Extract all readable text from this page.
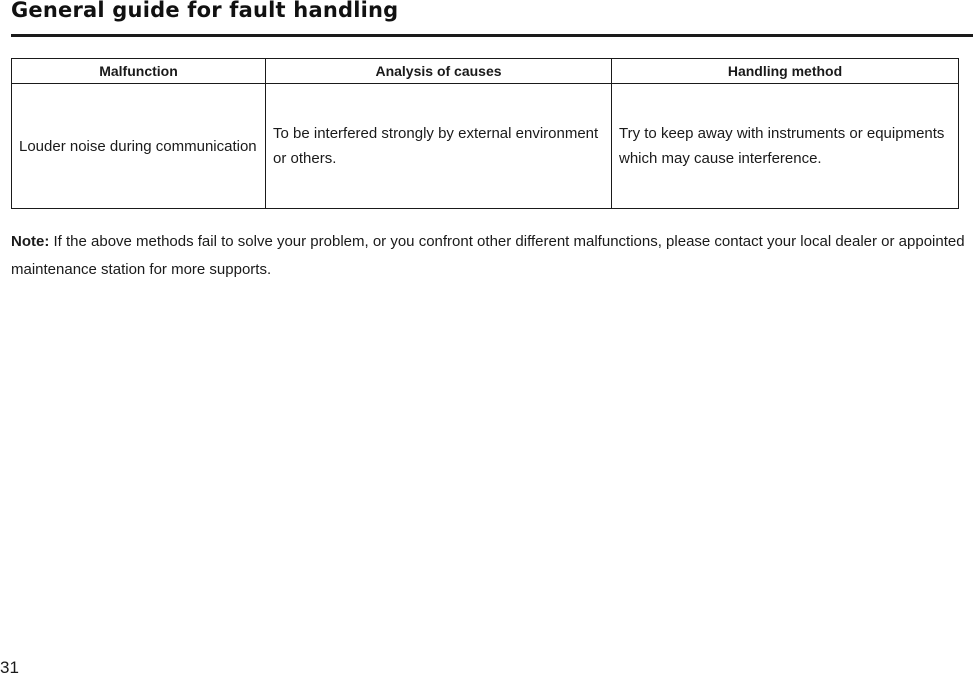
General guide for fault handling
Malfunction	Analysis of causes	Handling method
Louder noise during communication	To be interfered strongly by external environment or others.	Try to keep away with instruments or equipments which may cause interference.
Note: If the above methods fail to solve your problem, or you confront other different malfunctions, please contact your local dealer or appointed maintenance station for more supports.
31
